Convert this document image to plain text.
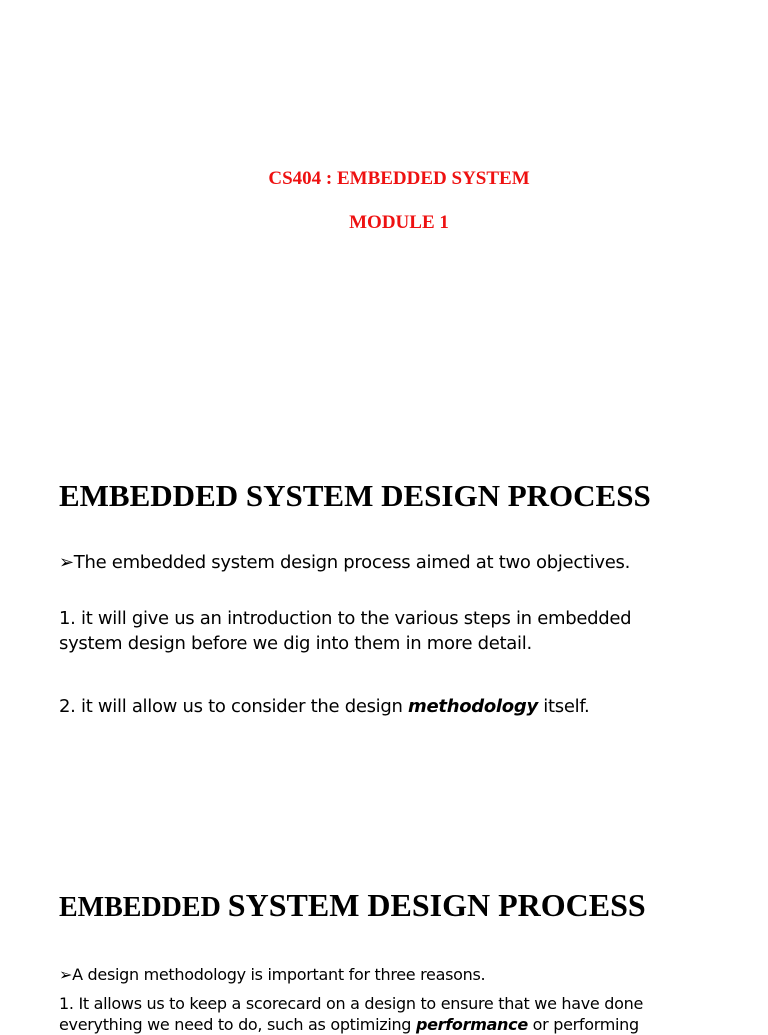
CS404 : EMBEDDED SYSTEM

MODULE 1

EMBEDDED SYSTEM DESIGN PROCESS

➢The embedded system design process aimed at two objectives.

1. it will give us an introduction to the various steps in embedded
system design before we dig into them in more detail.

2. it will allow us to consider the design methodology itself.

EMBEDDED SYSTEM DESIGN PROCESS

➢A design methodology is important for three reasons.

1. It allows us to keep a scorecard on a design to ensure that we have done
everything we need to do, such as optimizing performance or performing
